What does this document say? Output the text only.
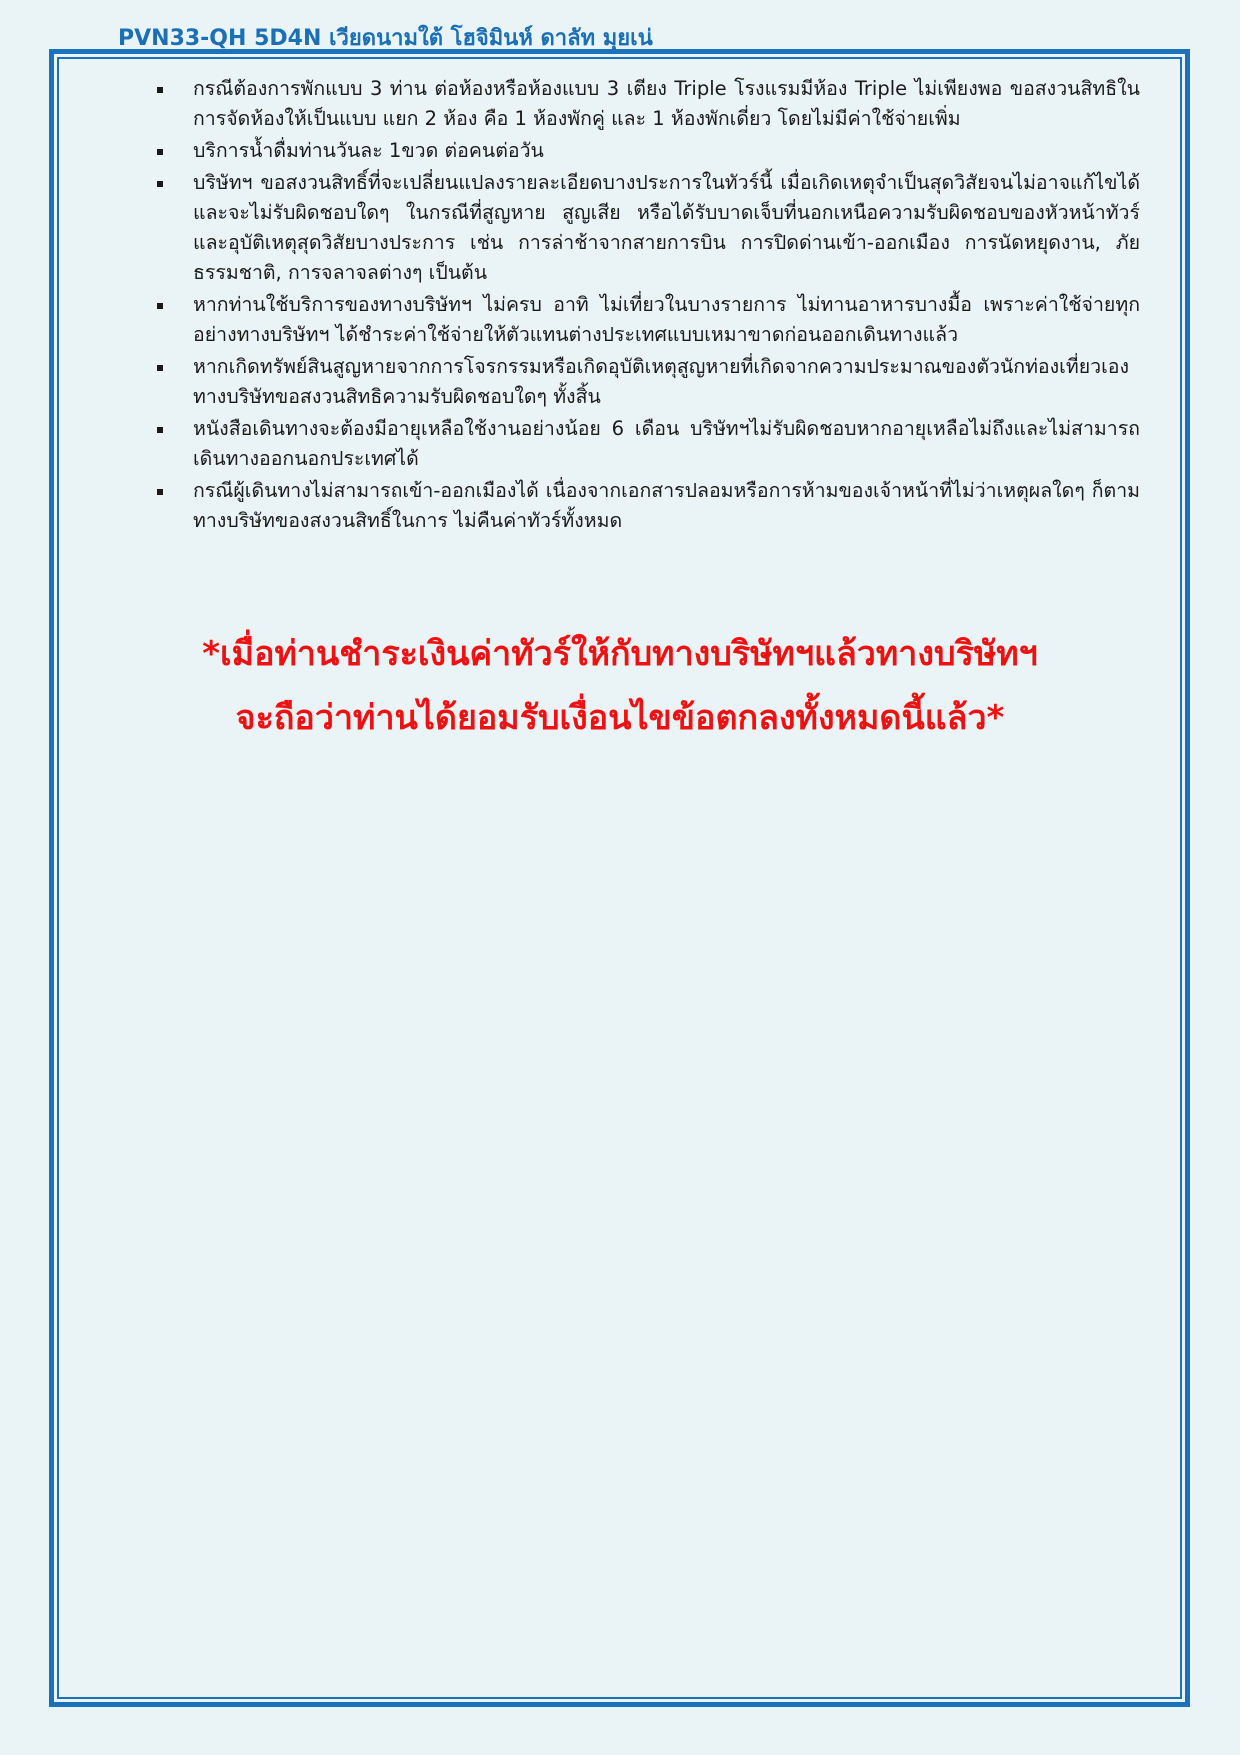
PVN33-QH 5D4N เวียดนามใต้ โฮจิมินห์ ดาลัท มุยเน่
กรณีต้องการพักแบบ 3 ท่าน ต่อห้องหรือห้องแบบ 3 เตียง Triple โรงแรมมีห้อง Triple ไม่เพียงพอ ขอสงวนสิทธิในการจัดห้องให้เป็นแบบ แยก 2 ห้อง คือ 1 ห้องพักคู่ และ 1 ห้องพักเดี่ยว โดยไม่มีค่าใช้จ่ายเพิ่ม
บริการน้ำดื่มท่านวันละ 1ขวด ต่อคนต่อวัน
บริษัทฯ ขอสงวนสิทธิ์ที่จะเปลี่ยนแปลงรายละเอียดบางประการในทัวร์นี้ เมื่อเกิดเหตุจำเป็นสุดวิสัยจนไม่อาจแก้ไขได้ และจะไม่รับผิดชอบใดๆ ในกรณีที่สูญหาย สูญเสีย หรือได้รับบาดเจ็บที่นอกเหนือความรับผิดชอบของหัวหน้าทัวร์และอุบัติเหตุสุดวิสัยบางประการ เช่น การล่าช้าจากสายการบิน การปิดด่านเข้า-ออกเมือง การนัดหยุดงาน, ภัยธรรมชาติ, การจลาจลต่างๆ เป็นต้น
หากท่านใช้บริการของทางบริษัทฯ ไม่ครบ อาทิ ไม่เที่ยวในบางรายการ ไม่ทานอาหารบางมื้อ เพราะค่าใช้จ่ายทุกอย่างทางบริษัทฯ ได้ชำระค่าใช้จ่ายให้ตัวแทนต่างประเทศแบบเหมาขาดก่อนออกเดินทางแล้ว
หากเกิดทรัพย์สินสูญหายจากการโจรกรรมหรือเกิดอุบัติเหตุสูญหายที่เกิดจากความประมาณของตัวนักท่องเที่ยวเอง ทางบริษัทขอสงวนสิทธิความรับผิดชอบใดๆ ทั้งสิ้น
หนังสือเดินทางจะต้องมีอายุเหลือใช้งานอย่างน้อย 6 เดือน บริษัทฯไม่รับผิดชอบหากอายุเหลือไม่ถึงและไม่สามารถเดินทางออกนอกประเทศได้
กรณีผู้เดินทางไม่สามารถเข้า-ออกเมืองได้ เนื่องจากเอกสารปลอมหรือการห้ามของเจ้าหน้าที่ไม่ว่าเหตุผลใดๆ ก็ตามทางบริษัทของสงวนสิทธิ์ในการ ไม่คืนค่าทัวร์ทั้งหมด
*เมื่อท่านชำระเงินค่าทัวร์ให้กับทางบริษัทฯแล้วทางบริษัทฯ
จะถือว่าท่านได้ยอมรับเงื่อนไขข้อตกลงทั้งหมดนี้แล้ว*
